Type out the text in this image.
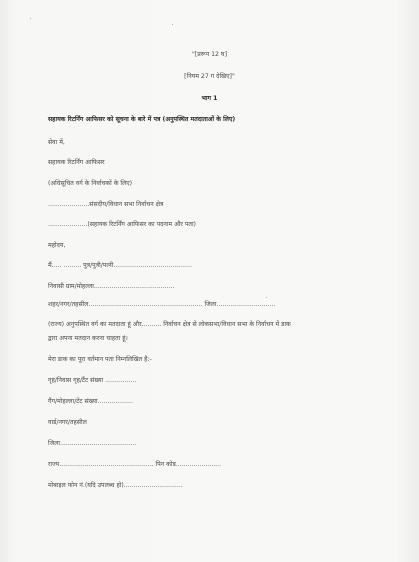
"[प्ररूप 12 घ]
[नियम 27 ग देखिए]"
भाग 1
सहायक रिटर्निंग आफिसर को सूचना के बारे में पत्र (अनुपस्थित मतदाताओं के लिए)
सेवा में,
सहायक रिटर्निंग आफिसर
(अधिसूचित वर्ग के निर्वाचकों के लिए)
.....................संसदीय/विधान सभा निर्वाचन क्षेत्र
....................(सहायक रिटर्निंग आफिसर का पदनाम और पता)
महोदय,
मैं..... ......... पुत्र/पुत्री/पत्नी........................................
निवासी ग्राम/मोहल्ला.........................................
शहर/नगर/तहसील.......................................................... जिला..............................
(राज्य) अनुपस्थित वर्ग का मतदाता हूं और.......... निर्वाचन क्षेत्र से लोकसभा/विधान सभा के निर्वाचन में डाक
द्वारा अपना मतदान करना चाहता हूं।
मेरा डाक का पूरा वर्तमान पता निम्नलिखित है:-
गृह/निवास गृह/टैंट संख्या ................
गैंग/मोहल्ला/टेंट संख्या..................
वार्ड/नगर/तहसील
जिला.......................................
राज्य................................................ पिन कोड.......................
मोबाइल फोन नं.(यदि उपलब्ध हो)..............................
